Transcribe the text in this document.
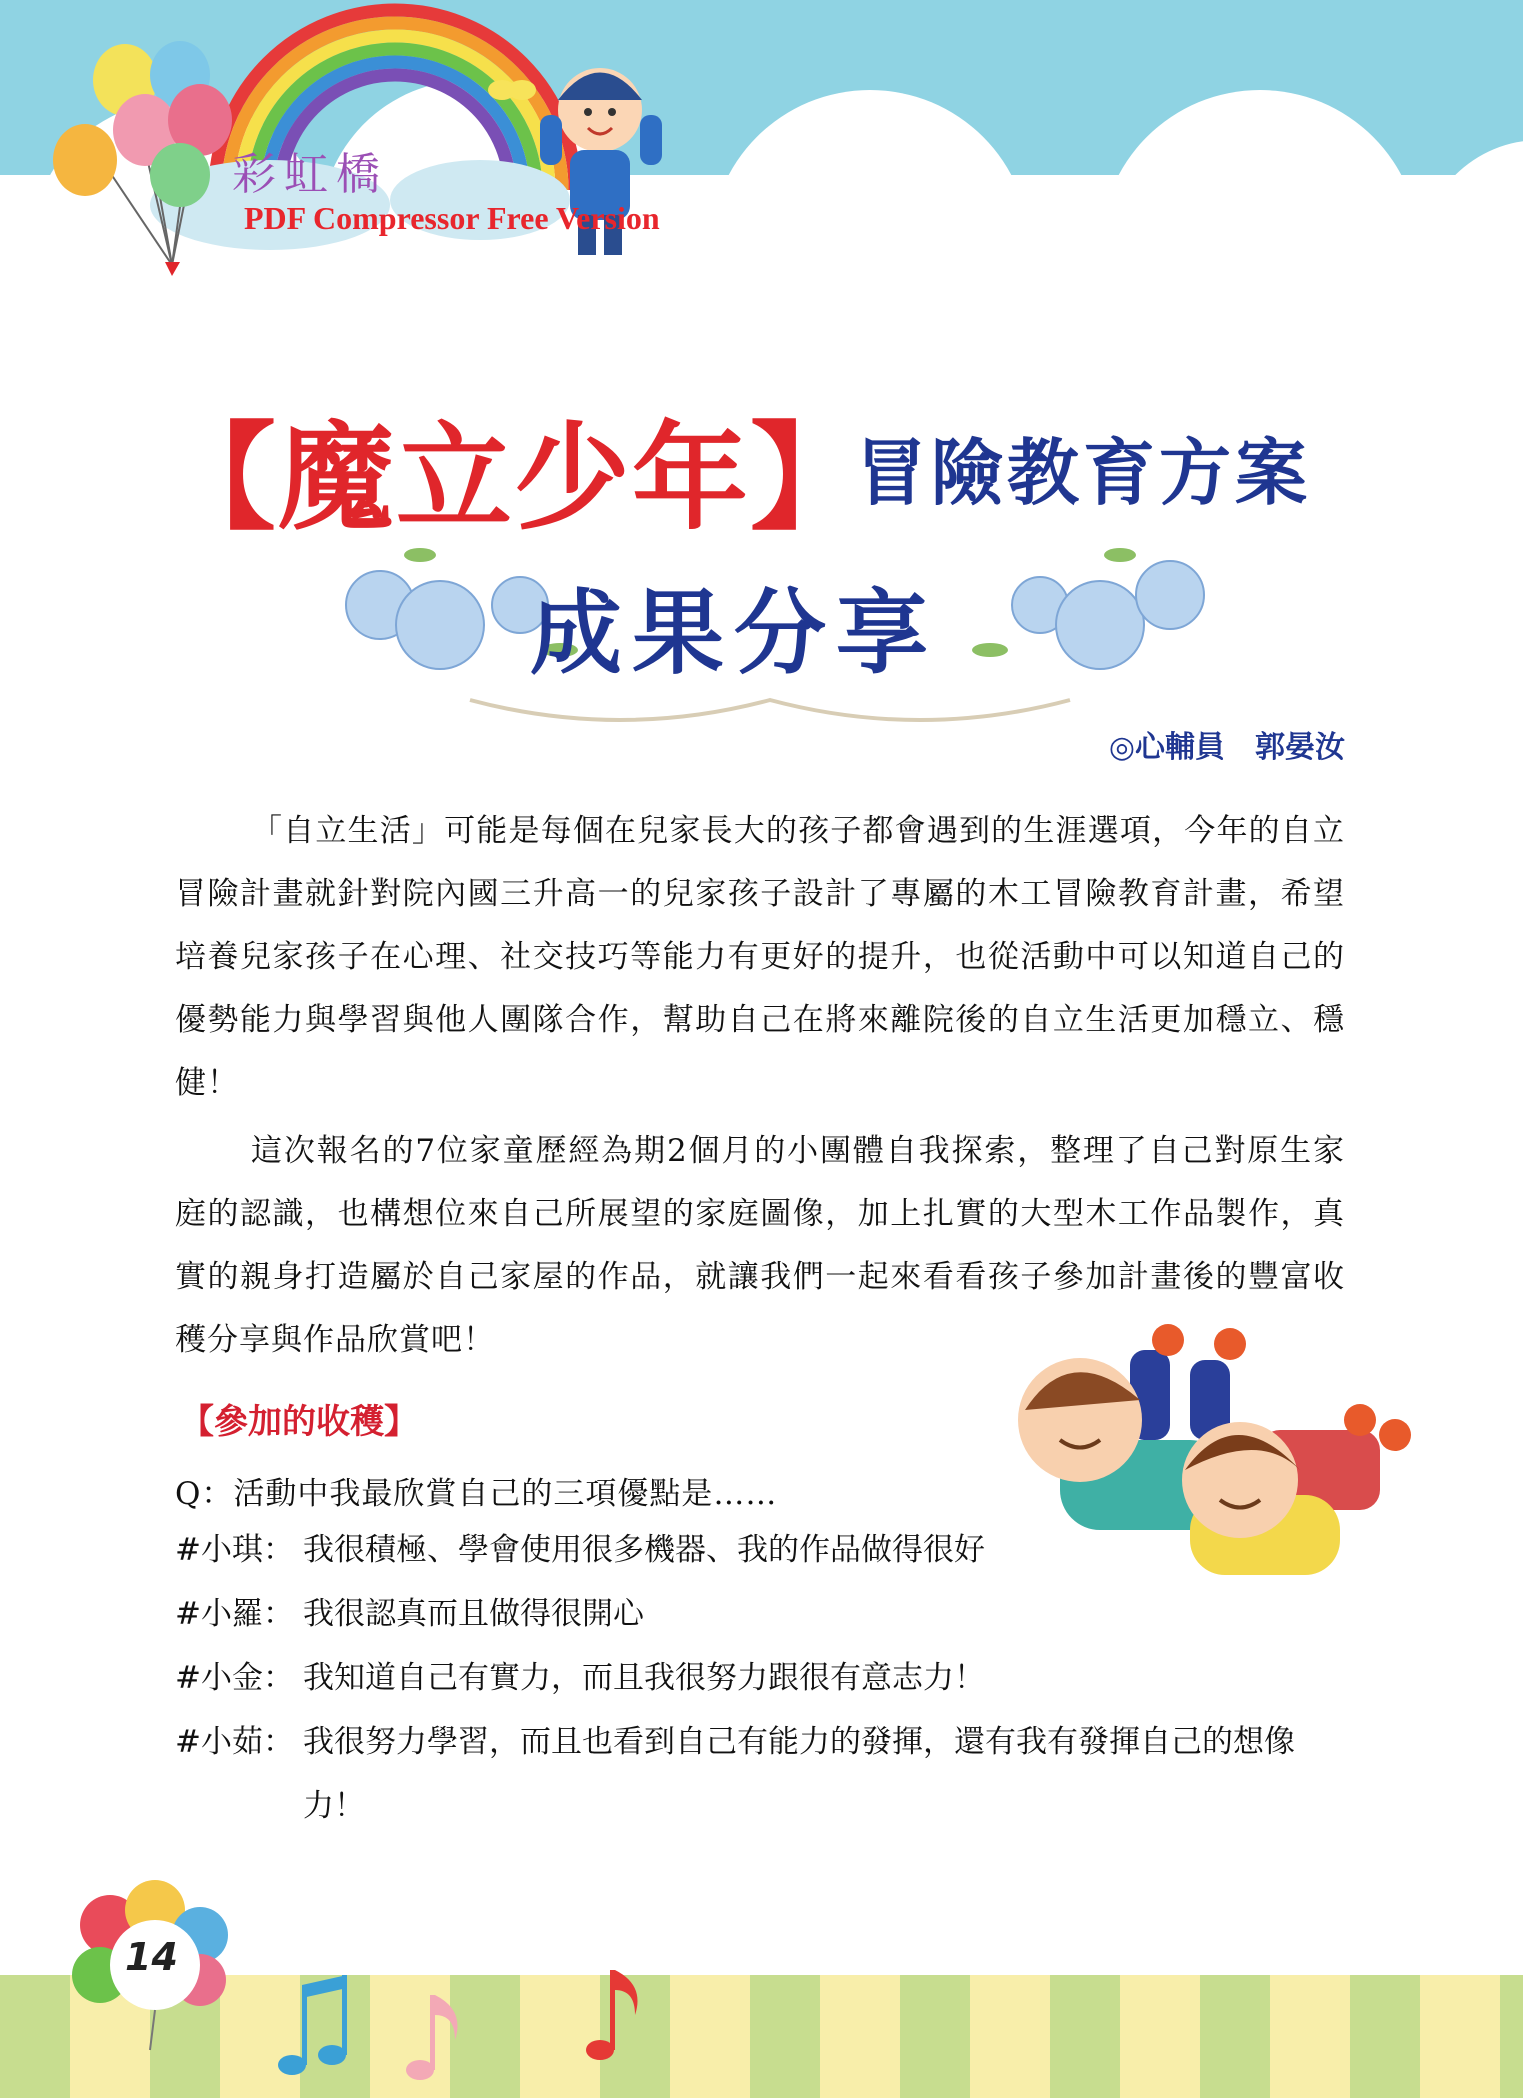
彩虹橋
PDF Compressor Free Version
【魔立少年】
冒險教育方案
成果分享
◎心輔員 郭晏汝
「自立生活」可能是每個在兒家長大的孩子都會遇到的生涯選項，今年的自立冒險計畫就針對院內國三升高一的兒家孩子設計了專屬的木工冒險教育計畫，希望培養兒家孩子在心理、社交技巧等能力有更好的提升，也從活動中可以知道自己的優勢能力與學習與他人團隊合作，幫助自己在將來離院後的自立生活更加穩立、穩健！
這次報名的7位家童歷經為期2個月的小團體自我探索，整理了自己對原生家庭的認識，也構想位來自己所展望的家庭圖像，加上扎實的大型木工作品製作，真實的親身打造屬於自己家屋的作品，就讓我們一起來看看孩子參加計畫後的豐富收穫分享與作品欣賞吧！
【參加的收穫】
Q：活動中我最欣賞自己的三項優點是……
#小琪： 我很積極、學會使用很多機器、我的作品做得很好
#小羅： 我很認真而且做得很開心
#小金： 我知道自己有實力，而且我很努力跟很有意志力！
#小茹： 我很努力學習，而且也看到自己有能力的發揮，還有我有發揮自己的想像力！
14
